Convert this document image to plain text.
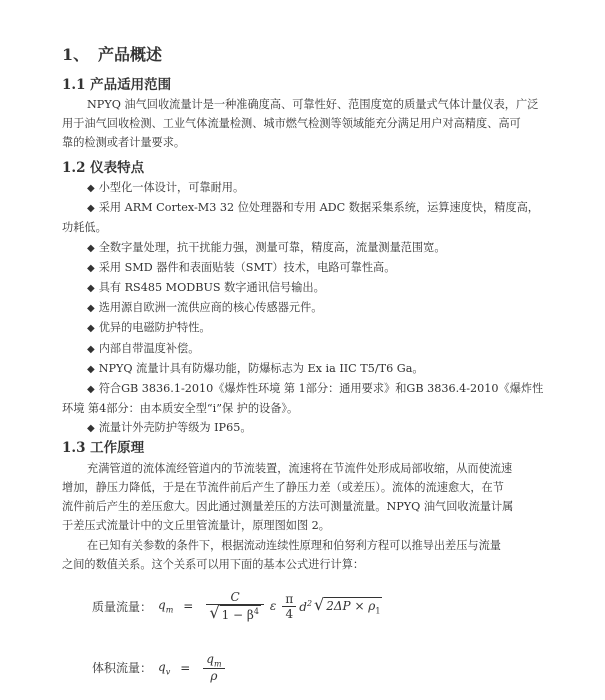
1、 产品概述
1.1 产品适用范围
NPYQ 油气回收流量计是一种准确度高、可靠性好、范围度宽的质量式气体计量仪表，广泛
用于油气回收检测、工业气体流量检测、城市燃气检测等领域能充分满足用户对高精度、高可
靠的检测或者计量要求。
1.2 仪表特点
◆ 小型化一体设计，可靠耐用。
◆ 采用 ARM Cortex-M3 32 位处理器和专用 ADC 数据采集系统，运算速度快，精度高，功耗低。
◆ 全数字量处理，抗干扰能力强，测量可靠，精度高，流量测量范围宽。
◆ 采用 SMD 器件和表面贴装（SMT）技术，电路可靠性高。
◆ 具有 RS485 MODBUS 数字通讯信号输出。
◆ 选用源自欧洲一流供应商的核心传感器元件。
◆ 优异的电磁防护特性。
◆ 内部自带温度补偿。
◆ NPYQ 流量计具有防爆功能，防爆标志为 Ex ia IIC T5/T6 Ga。
◆ 符合GB 3836.1-2010《爆炸性环境 第 1部分：通用要求》和GB 3836.4-2010《爆炸性环境 第4部分：由本质安全型“i”保 护的设备》。
◆ 流量计外壳防护等级为 IP65。
1.3 工作原理
充满管道的流体流经管道内的节流装置，流速将在节流件处形成局部收缩，从而使流速
增加，静压力降低，于是在节流件前后产生了静压力差（或差压）。流体的流速愈大，在节
流件前后产生的差压愈大。因此通过测量差压的方法可测量流量。NPYQ 油气回收流量计属
于差压式流量计中的文丘里管流量计，原理图如图 2。
在已知有关参数的条件下，根据流动连续性原理和伯努利方程可以推导出差压与流量
之间的数值关系。这个关系可以用下面的基本公式进行计算：
质量流量： $q_m = \frac{C}{√ 1 - \beta^4}$ ε $\frac{\pi}{4} d^2$ √ $2\Delta P \times \rho_1$
体积流量： $q_v = \frac{q_m}{\rho}$
